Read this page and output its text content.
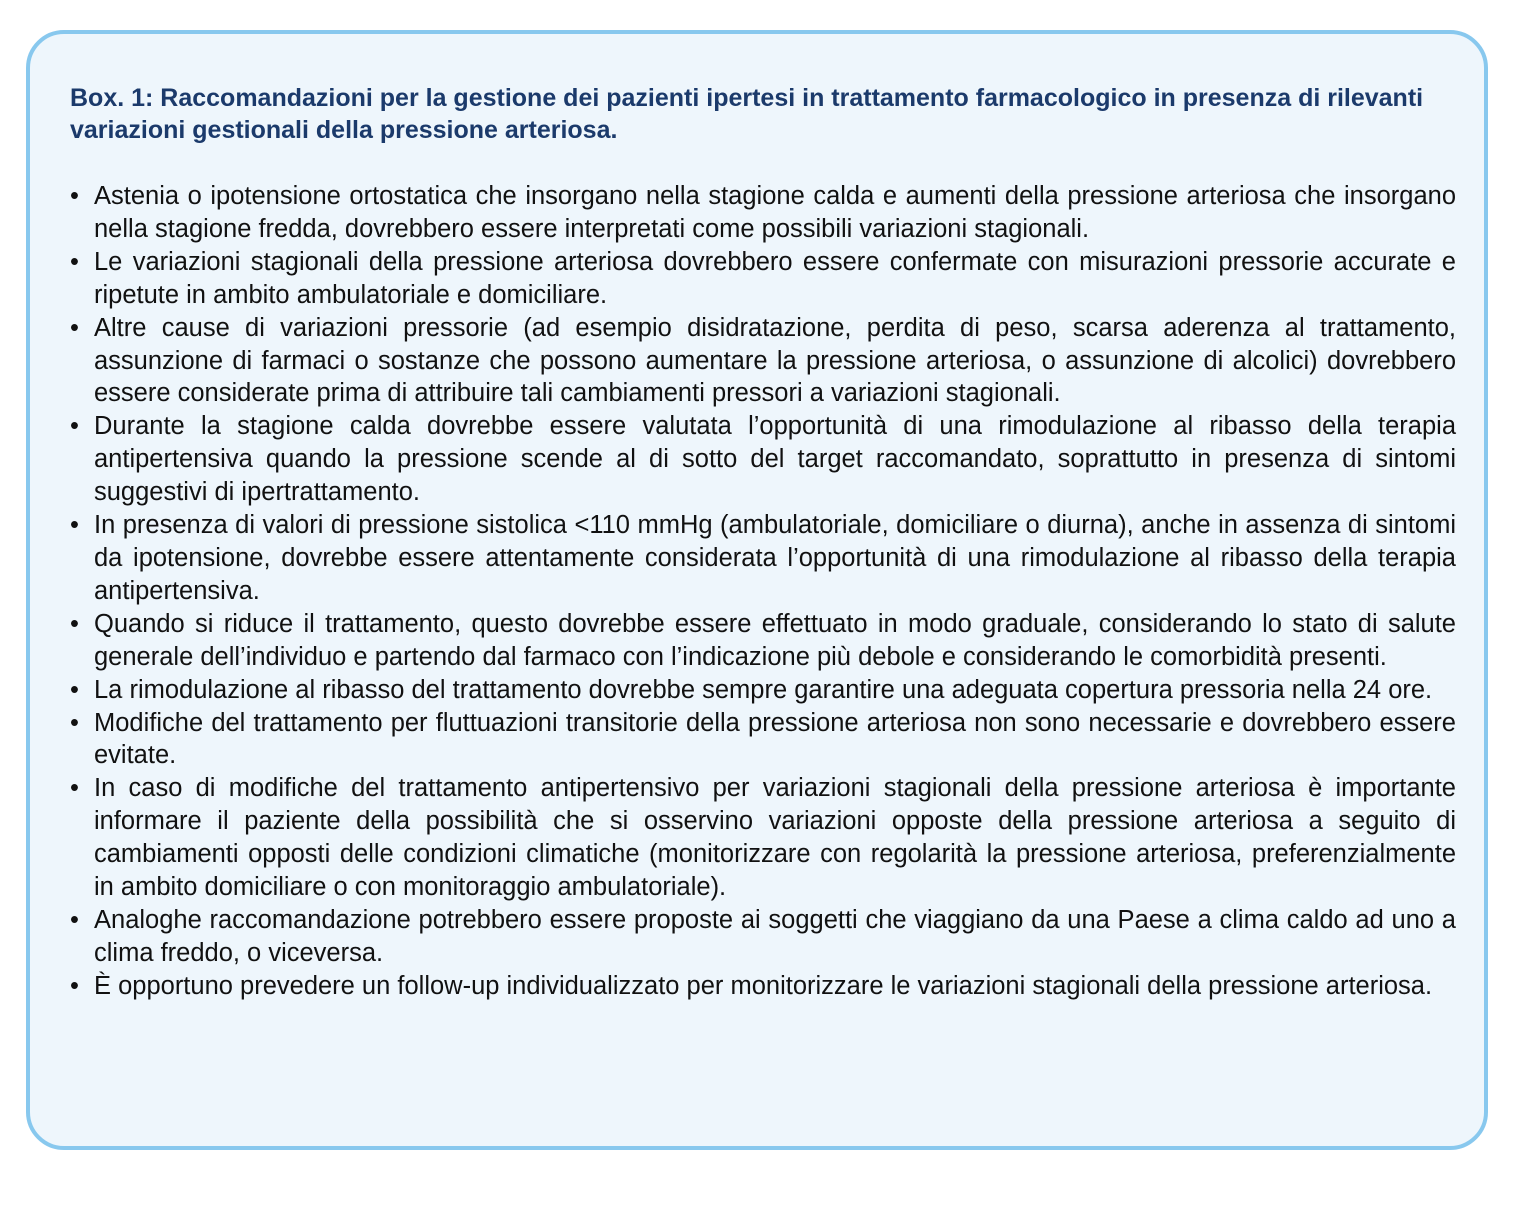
Box. 1: Raccomandazioni per la gestione dei pazienti ipertesi in trattamento farmacologico in presenza di rilevanti variazioni gestionali della pressione arteriosa.
• Astenia o ipotensione ortostatica che insorgano nella stagione calda e aumenti della pressione arteriosa che insorgano nella stagione fredda, dovrebbero essere interpretati come possibili variazioni stagionali.
• Le variazioni stagionali della pressione arteriosa dovrebbero essere confermate con misurazioni pressorie accurate e ripetute in ambito ambulatoriale e domiciliare.
• Altre cause di variazioni pressorie (ad esempio disidratazione, perdita di peso, scarsa aderenza al trattamento, assunzione di farmaci o sostanze che possono aumentare la pressione arteriosa, o assunzione di alcolici) dovrebbero essere considerate prima di attribuire tali cambiamenti pressori a variazioni stagionali.
• Durante la stagione calda dovrebbe essere valutata l’opportunità di una rimodulazione al ribasso della terapia antipertensiva quando la pressione scende al di sotto del target raccomandato, soprattutto in presenza di sintomi suggestivi di ipertrattamento.
• In presenza di valori di pressione sistolica <110 mmHg (ambulatoriale, domiciliare o diurna), anche in assenza di sintomi da ipotensione, dovrebbe essere attentamente considerata l’opportunità di una rimodulazione al ribasso della terapia antipertensiva.
• Quando si riduce il trattamento, questo dovrebbe essere effettuato in modo graduale, considerando lo stato di salute generale dell’individuo e partendo dal farmaco con l’indicazione più debole e considerando le comorbidità presenti.
• La rimodulazione al ribasso del trattamento dovrebbe sempre garantire una adeguata copertura pressoria nella 24 ore.
• Modifiche del trattamento per fluttuazioni transitorie della pressione arteriosa non sono necessarie e dovrebbero essere evitate.
• In caso di modifiche del trattamento antipertensivo per variazioni stagionali della pressione arteriosa è importante informare il paziente della possibilità che si osservino variazioni opposte della pressione arteriosa a seguito di cambiamenti opposti delle condizioni climatiche (monitorizzare con regolarità la pressione arteriosa, preferenzialmente in ambito domiciliare o con monitoraggio ambulatoriale).
• Analoghe raccomandazione potrebbero essere proposte ai soggetti che viaggiano da una Paese a clima caldo ad uno a clima freddo, o viceversa.
• È opportuno prevedere un follow-up individualizzato per monitorizzare le variazioni stagionali della pressione arteriosa.
